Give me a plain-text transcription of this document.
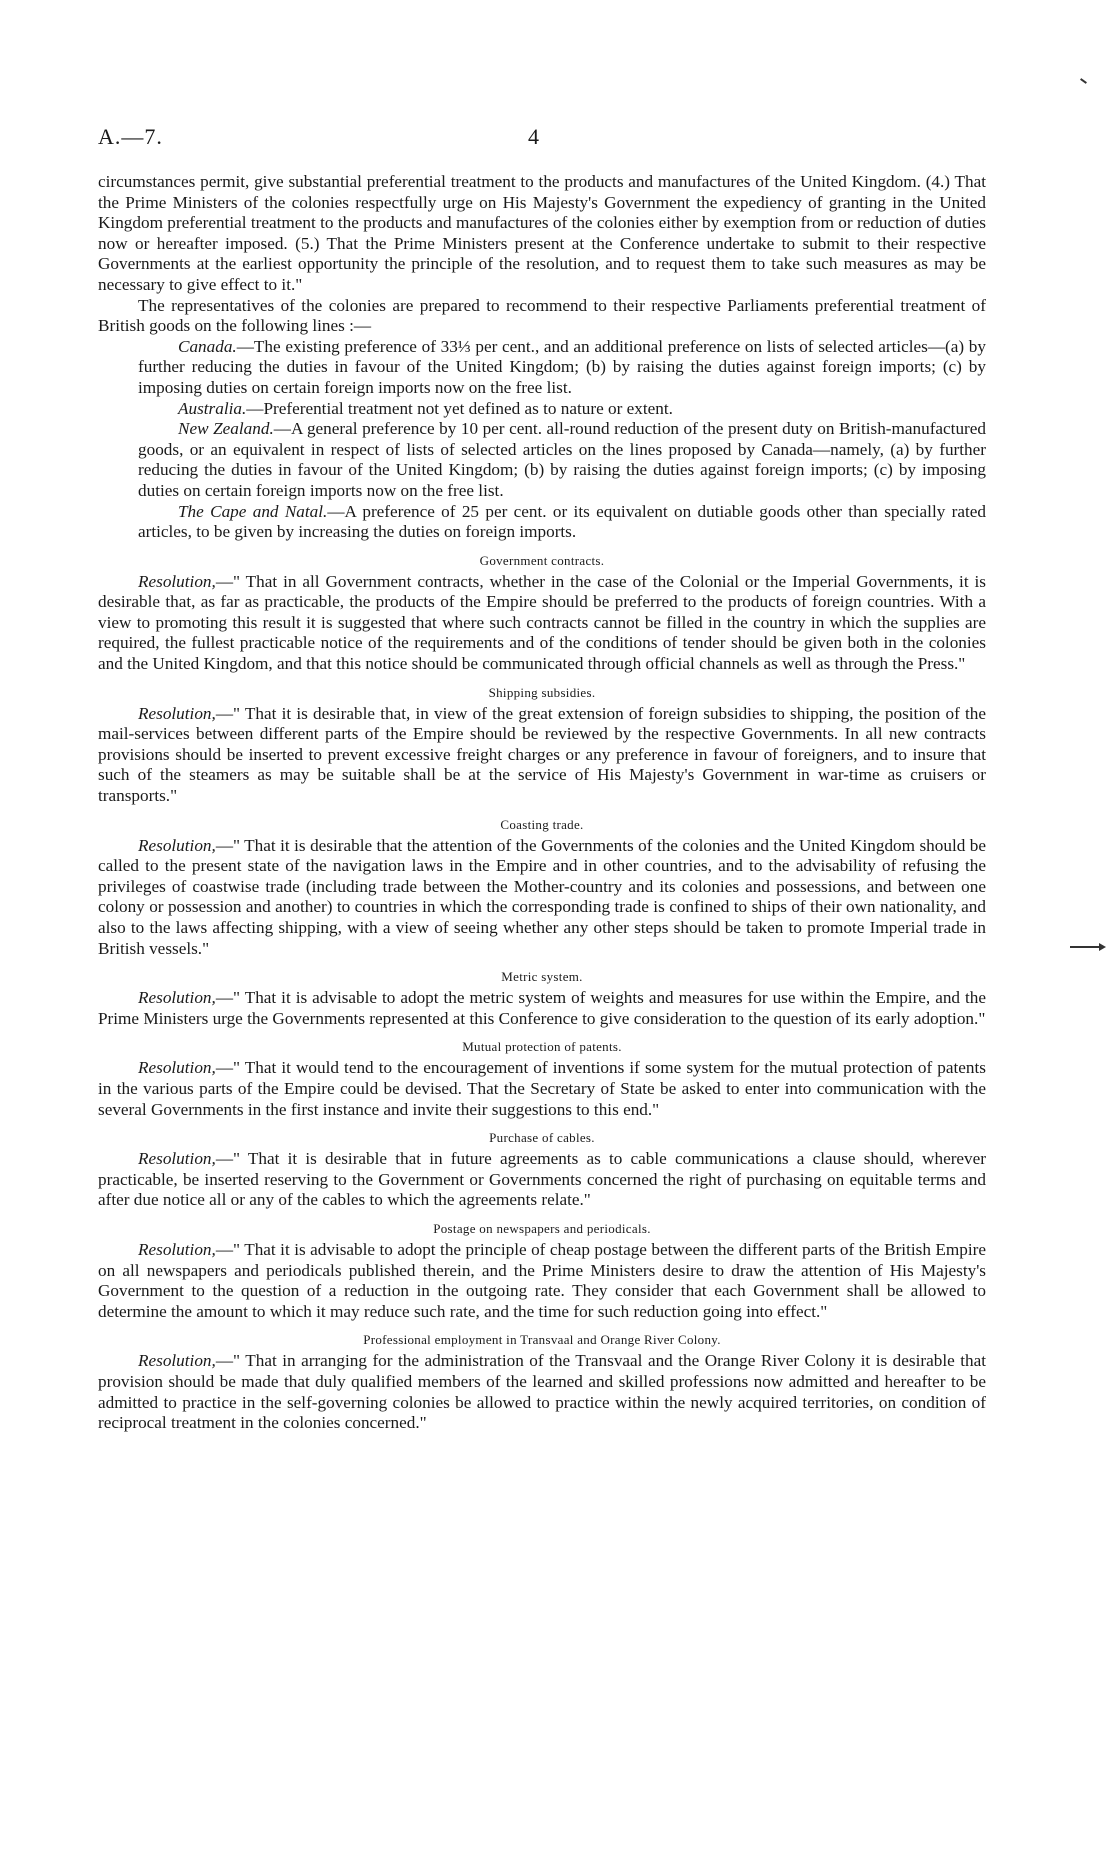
A.—7.	4

circumstances permit, give substantial preferential treatment to the products and manufactures of the United Kingdom. (4.) That the Prime Ministers of the colonies respectfully urge on His Majesty's Government the expediency of granting in the United Kingdom preferential treatment to the products and manufactures of the colonies either by exemption from or reduction of duties now or hereafter imposed. (5.) That the Prime Ministers present at the Conference undertake to submit to their respective Governments at the earliest opportunity the principle of the resolution, and to request them to take such measures as may be necessary to give effect to it."

The representatives of the colonies are prepared to recommend to their respective Parliaments preferential treatment of British goods on the following lines :—

Canada.—The existing preference of 33⅓ per cent., and an additional preference on lists of selected articles—(a) by further reducing the duties in favour of the United Kingdom; (b) by raising the duties against foreign imports; (c) by imposing duties on certain foreign imports now on the free list.

Australia.—Preferential treatment not yet defined as to nature or extent.

New Zealand.—A general preference by 10 per cent. all-round reduction of the present duty on British-manufactured goods, or an equivalent in respect of lists of selected articles on the lines proposed by Canada—namely, (a) by further reducing the duties in favour of the United Kingdom; (b) by raising the duties against foreign imports; (c) by imposing duties on certain foreign imports now on the free list.

The Cape and Natal.—A preference of 25 per cent. or its equivalent on dutiable goods other than specially rated articles, to be given by increasing the duties on foreign imports.

Government contracts.

Resolution,—" That in all Government contracts, whether in the case of the Colonial or the Imperial Governments, it is desirable that, as far as practicable, the products of the Empire should be preferred to the products of foreign countries. With a view to promoting this result it is suggested that where such contracts cannot be filled in the country in which the supplies are required, the fullest practicable notice of the requirements and of the conditions of tender should be given both in the colonies and the United Kingdom, and that this notice should be communicated through official channels as well as through the Press."

Shipping subsidies.

Resolution,—" That it is desirable that, in view of the great extension of foreign subsidies to shipping, the position of the mail-services between different parts of the Empire should be reviewed by the respective Governments. In all new contracts provisions should be inserted to prevent excessive freight charges or any preference in favour of foreigners, and to insure that such of the steamers as may be suitable shall be at the service of His Majesty's Government in war-time as cruisers or transports."

Coasting trade.

Resolution,—" That it is desirable that the attention of the Governments of the colonies and the United Kingdom should be called to the present state of the navigation laws in the Empire and in other countries, and to the advisability of refusing the privileges of coastwise trade (including trade between the Mother-country and its colonies and possessions, and between one colony or possession and another) to countries in which the corresponding trade is confined to ships of their own nationality, and also to the laws affecting shipping, with a view of seeing whether any other steps should be taken to promote Imperial trade in British vessels."

Metric system.

Resolution,—" That it is advisable to adopt the metric system of weights and measures for use within the Empire, and the Prime Ministers urge the Governments represented at this Conference to give consideration to the question of its early adoption."

Mutual protection of patents.

Resolution,—" That it would tend to the encouragement of inventions if some system for the mutual protection of patents in the various parts of the Empire could be devised. That the Secretary of State be asked to enter into communication with the several Governments in the first instance and invite their suggestions to this end."

Purchase of cables.

Resolution,—" That it is desirable that in future agreements as to cable communications a clause should, wherever practicable, be inserted reserving to the Government or Governments concerned the right of purchasing on equitable terms and after due notice all or any of the cables to which the agreements relate."

Postage on newspapers and periodicals.

Resolution,—" That it is advisable to adopt the principle of cheap postage between the different parts of the British Empire on all newspapers and periodicals published therein, and the Prime Ministers desire to draw the attention of His Majesty's Government to the question of a reduction in the outgoing rate. They consider that each Government shall be allowed to determine the amount to which it may reduce such rate, and the time for such reduction going into effect."

Professional employment in Transvaal and Orange River Colony.

Resolution,—" That in arranging for the administration of the Transvaal and the Orange River Colony it is desirable that provision should be made that duly qualified members of the learned and skilled professions now admitted and hereafter to be admitted to practice in the self-governing colonies be allowed to practice within the newly acquired territories, on condition of reciprocal treatment in the colonies concerned."
